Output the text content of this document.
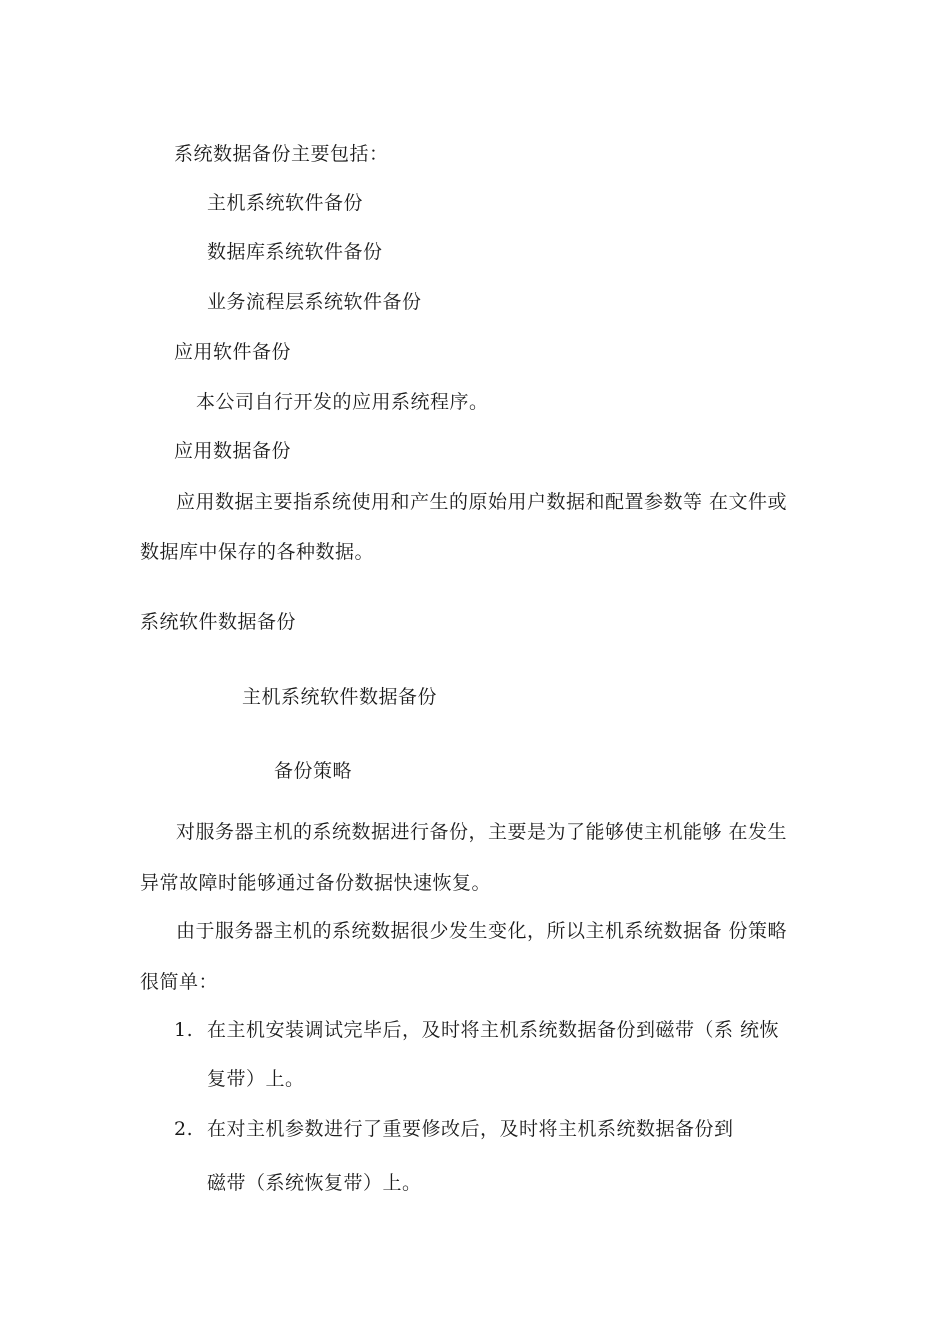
系统数据备份主要包括：
主机系统软件备份
数据库系统软件备份
业务流程层系统软件备份
应用软件备份
本公司自行开发的应用系统程序。
应用数据备份
应用数据主要指系统使用和产生的原始用户数据和配置参数等 在文件或
数据库中保存的各种数据。
系统软件数据备份
主机系统软件数据备份
备份策略
对服务器主机的系统数据进行备份，主要是为了能够使主机能够 在发生
异常故障时能够通过备份数据快速恢复。
由于服务器主机的系统数据很少发生变化，所以主机系统数据备 份策略
很简单：
1. 在主机安装调试完毕后，及时将主机系统数据备份到磁带（系 统恢
复带）上。
2. 在对主机参数进行了重要修改后，及时将主机系统数据备份到
磁带（系统恢复带）上。
